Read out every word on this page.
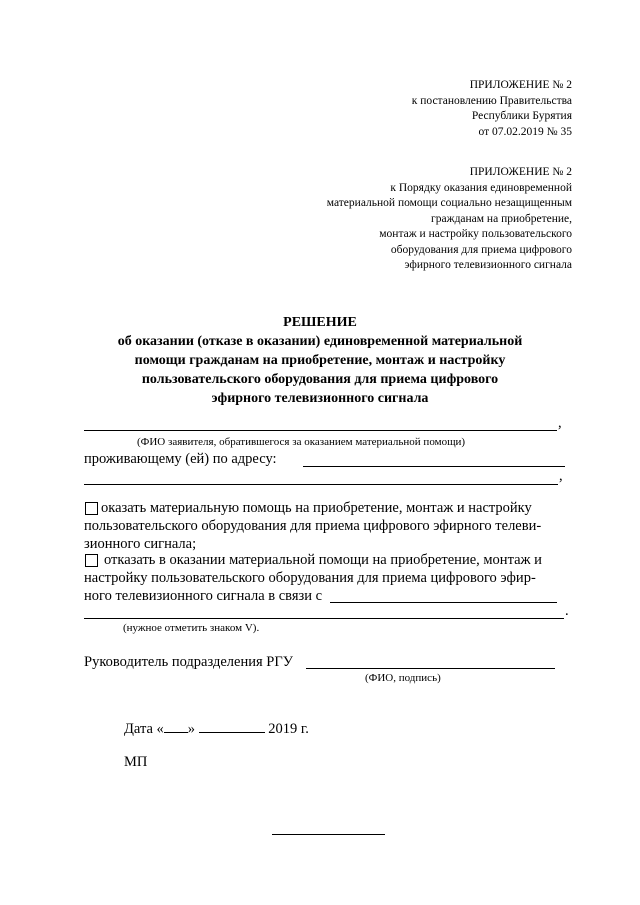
ПРИЛОЖЕНИЕ № 2
к постановлению Правительства
Республики Бурятия
от 07.02.2019 № 35
ПРИЛОЖЕНИЕ № 2
к Порядку оказания единовременной
материальной помощи социально незащищенным
гражданам на приобретение,
монтаж и настройку пользовательского
оборудования для приема цифрового
эфирного телевизионного сигнала
РЕШЕНИЕ
об оказании (отказе в оказании) единовременной материальной
помощи гражданам на приобретение, монтаж и настройку
пользовательского оборудования для приема цифрового
эфирного телевизионного сигнала
,
(ФИО заявителя, обратившегося за оказанием материальной помощи)
проживающему (ей) по адресу:
,
оказать материальную помощь на приобретение, монтаж и настройку
пользовательского оборудования для приема цифрового эфирного телеви-
зионного сигнала;
отказать в оказании материальной помощи на приобретение, монтаж и
настройку пользовательского оборудования для приема цифрового эфир-
ного телевизионного сигнала в связи с
.
(нужное отметить знаком V).
Руководитель подразделения РГУ
(ФИО, подпись)
Дата « »	2019 г.
МП
